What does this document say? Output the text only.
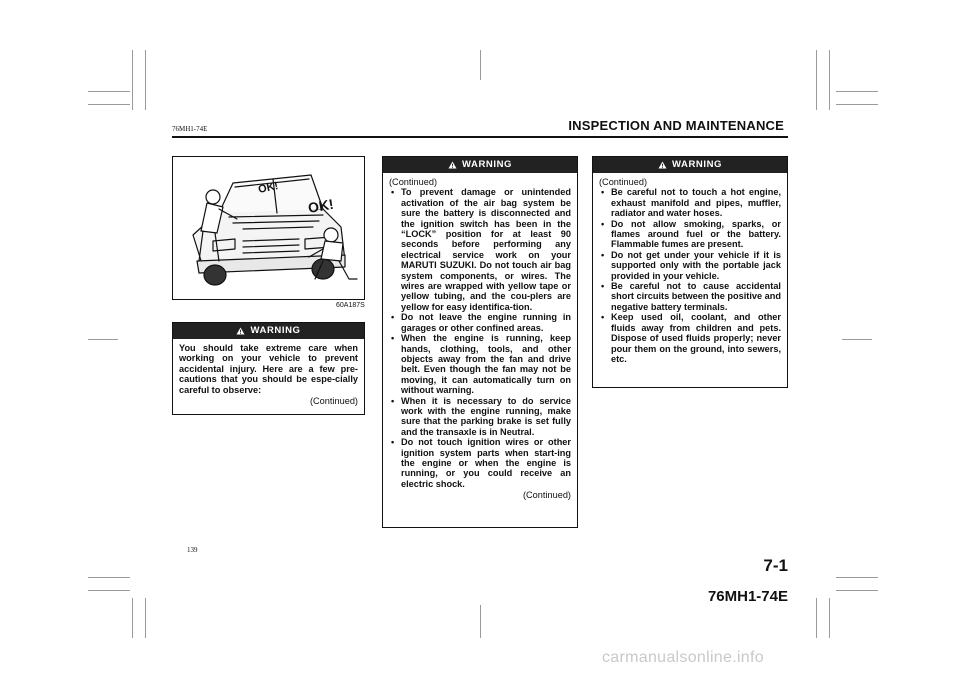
76MH1-74E	INSPECTION AND MAINTENANCE
OK!
OK!
60A187S
WARNING
You should take extreme care when working on your vehicle to prevent accidental injury. Here are a few pre-cautions that you should be espe-cially careful to observe:
(Continued)
WARNING
(Continued)
• To prevent damage or unintended activation of the air bag system be sure the battery is disconnected and the ignition switch has been in the “LOCK” position for at least 90 seconds before performing any electrical service work on your MARUTI SUZUKI. Do not touch air bag system components, or wires. The wires are wrapped with yellow tape or yellow tubing, and the cou-plers are yellow for easy identifica-tion.
• Do not leave the engine running in garages or other confined areas.
• When the engine is running, keep hands, clothing, tools, and other objects away from the fan and drive belt. Even though the fan may not be moving, it can automatically turn on without warning.
• When it is necessary to do service work with the engine running, make sure that the parking brake is set fully and the transaxle is in Neutral.
• Do not touch ignition wires or other ignition system parts when start-ing the engine or when the engine is running, or you could receive an electric shock.
(Continued)
WARNING
(Continued)
• Be careful not to touch a hot engine, exhaust manifold and pipes, muffler, radiator and water hoses.
• Do not allow smoking, sparks, or flames around fuel or the battery. Flammable fumes are present.
• Do not get under your vehicle if it is supported only with the portable jack provided in your vehicle.
• Be careful not to cause accidental short circuits between the positive and negative battery terminals.
• Keep used oil, coolant, and other fluids away from children and pets. Dispose of used fluids properly; never pour them on the ground, into sewers, etc.
139
7-1
76MH1-74E
carmanualsonline.info
